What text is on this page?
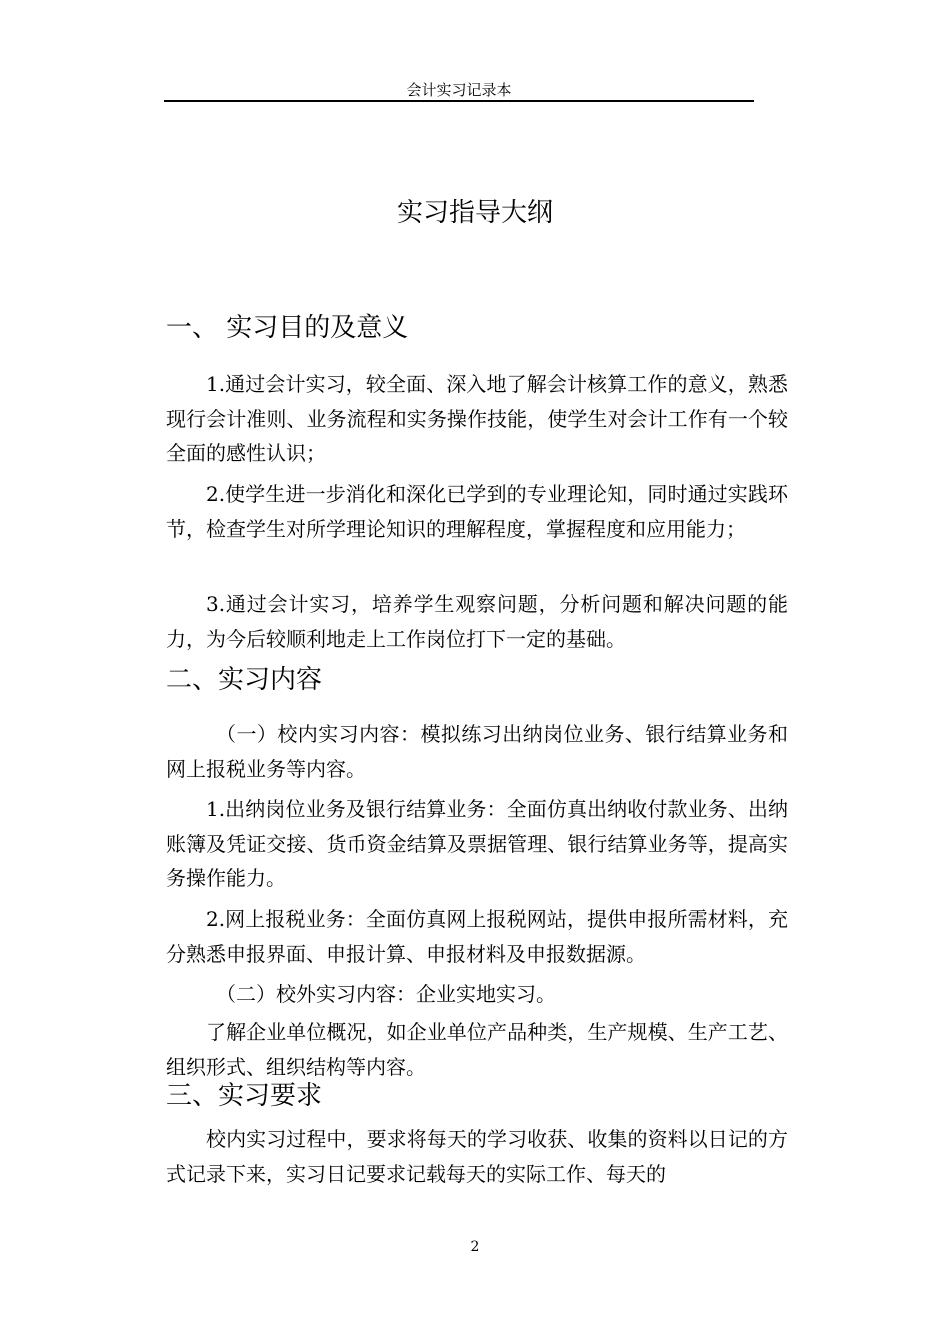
会计实习记录本
实习指导大纲
一、 实习目的及意义

1.通过会计实习，较全面、深入地了解会计核算工作的意义，熟悉现行会计准则、业务流程和实务操作技能，使学生对会计工作有一个较全面的感性认识；

2.使学生进一步消化和深化已学到的专业理论知，同时通过实践环节，检查学生对所学理论知识的理解程度，掌握程度和应用能力；

3.通过会计实习，培养学生观察问题，分析问题和解决问题的能力，为今后较顺利地走上工作岗位打下一定的基础。

二、实习内容

（一）校内实习内容：模拟练习出纳岗位业务、银行结算业务和网上报税业务等内容。

1.出纳岗位业务及银行结算业务：全面仿真出纳收付款业务、出纳账簿及凭证交接、货币资金结算及票据管理、银行结算业务等，提高实务操作能力。

2.网上报税业务：全面仿真网上报税网站，提供申报所需材料，充分熟悉申报界面、申报计算、申报材料及申报数据源。

（二）校外实习内容：企业实地实习。

了解企业单位概况，如企业单位产品种类，生产规模、生产工艺、组织形式、组织结构等内容。

三、实习要求

校内实习过程中，要求将每天的学习收获、收集的资料以日记的方式记录下来，实习日记要求记载每天的实际工作、每天的

2
